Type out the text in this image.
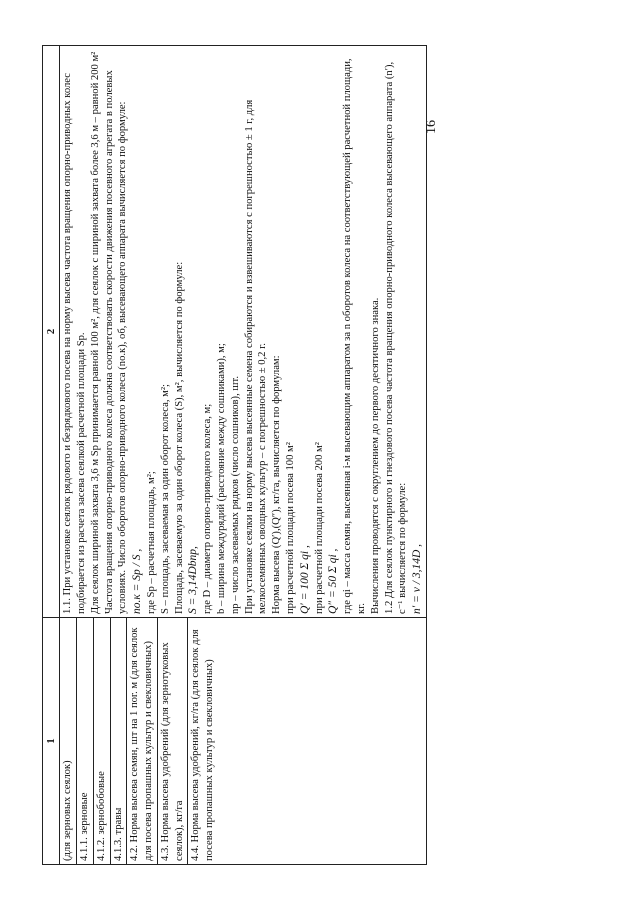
16
1	2

(для зерновых сеялок)4.1.1. зерновые4.1.2. зернобобовые4.1.3. травы4.2. Норма высева семян, шт на 1 пог. м (для сеялок для посева пропашных культур и свекловичных)4.3. Норма высева удобрений (для зернотуковых сеялок), кг/га4.4. Норма высева удобрений, кг/га (для сеялок для посева пропашных культур и свекловичных)

1.1. При установке сеялок рядового и безрядкового посева на норму высева частота вращения опорно-приводных колес подбирается из расчета засева сеялкой расчетной площади Sр. Для сеялок шириной захвата 3,6 м Sр принимается равной 100 м², для сеялок с шириной захвата более 3,6 м – равной 200 м² Частота вращения опорно-приводного колеса должна соответствовать скорости движения посевного агрегата в полевых условиях. Число оборотов опорно-приводного колеса (nо.к), об, высевающего аппарата вычисляется по формуле: nо.к = Sр / S , где Sр – расчетная площадь, м²; S – площадь, засеваемая за один оборот колеса, м²; Площадь, засеваемую за один оборот колеса (S), м², вычисляется по формуле: S = 3,14Dbnр, где D – диаметр опорно-приводного колеса, м; b – ширина междурядий (расстояние между сошниками), м; nр – число засеваемых рядков (число сошников), шт. При установке сеялки на норму высева высеянные семена собираются и взвешиваются с погрешностью ± 1 г, для мелкосемянных овощных культур – с погрешностью ± 0,2 г. Норма высева (Q′),(Q″), кг/га, вычисляется по формулам: при расчетной площади посева 100 м² Q′ = 100 Σ qi , при расчетной площади посева 200 м² Q″ = 50 Σ qi , где qi – масса семян, высеянная i-м высевающим аппаратом за n оборотов колеса на соответствующей расчетной площади, кг. Вычисления проводятся с округлением до первого десятичного знака. 1.2 Для сеялок пунктирного и гнездового посева частота вращения опорно-приводного колеса высевающего аппарата (n′), с⁻¹ вычисляется по формуле: n′ = v / 3,14D ,
